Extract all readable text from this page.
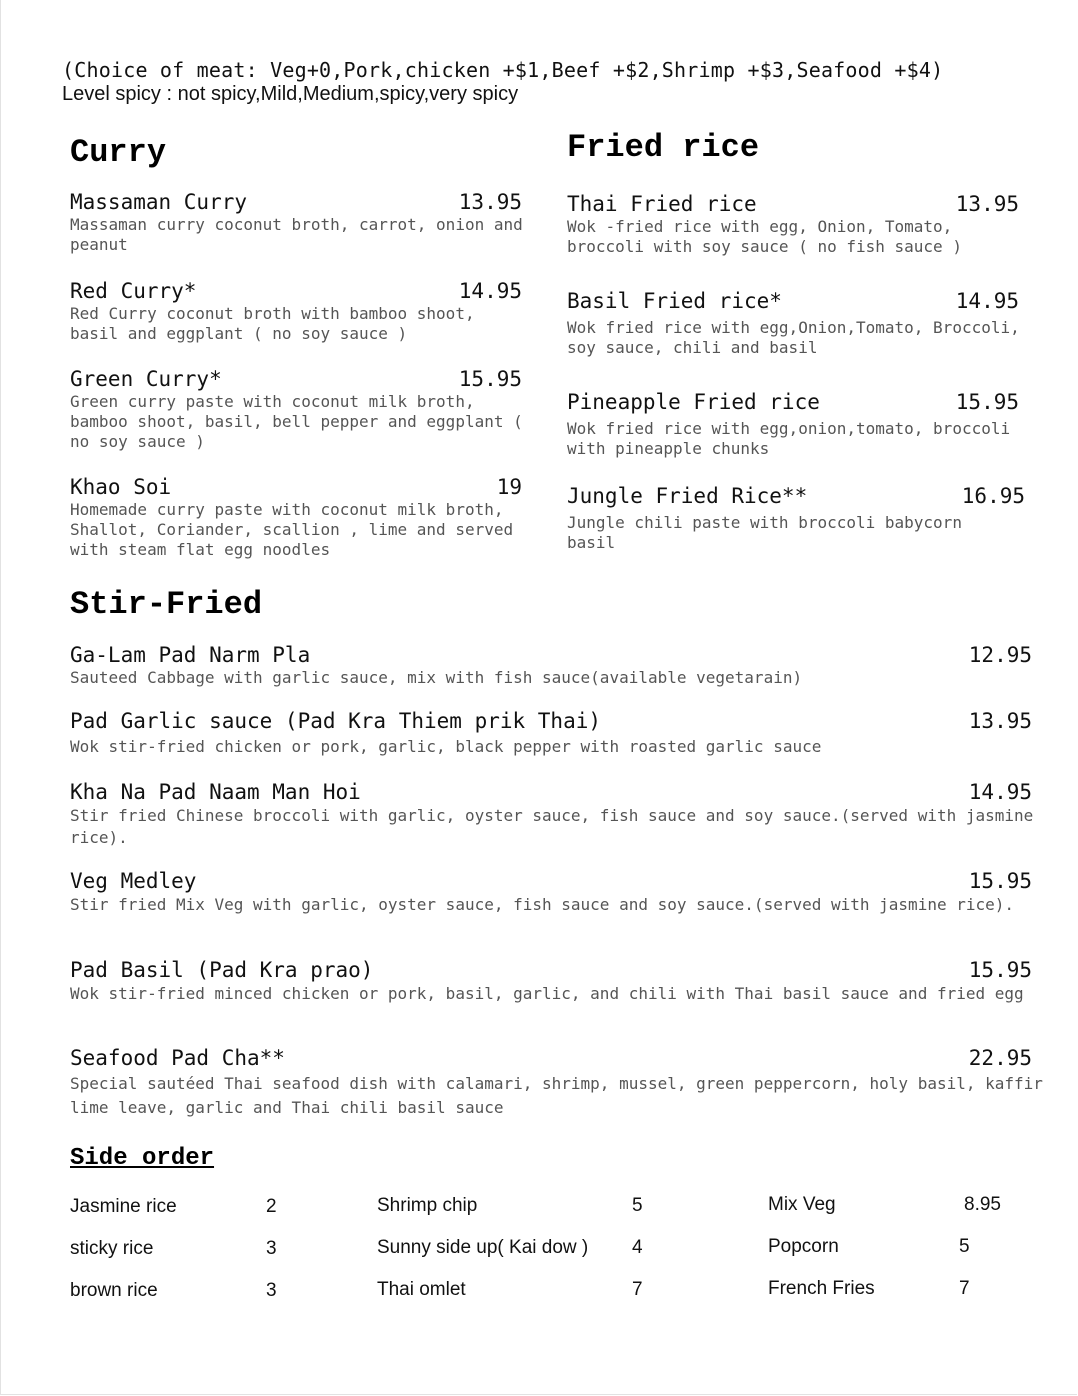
(Choice of meat: Veg+0,Pork,chicken +$1,Beef +$2,Shrimp +$3,Seafood +$4)
Level spicy : not spicy,Mild,Medium,spicy,very spicy
Curry
Massaman Curry	13.95
Massaman curry coconut broth, carrot, onion and peanut
Red Curry*	14.95
Red Curry coconut broth with bamboo shoot, basil and eggplant ( no soy sauce )
Green Curry*	15.95
Green curry paste with coconut milk broth, bamboo shoot, basil, bell pepper and eggplant ( no soy sauce )
Khao Soi	19
Homemade curry paste with coconut milk broth, Shallot, Coriander, scallion , lime and served with steam flat egg noodles
Fried rice
Thai Fried rice	13.95
Wok -fried rice with egg, Onion, Tomato, broccoli with soy sauce ( no fish sauce )
Basil Fried rice*	14.95
Wok fried rice with egg,Onion,Tomato, Broccoli, soy sauce, chili and basil
Pineapple Fried rice	15.95
Wok fried rice with egg,onion,tomato, broccoli with pineapple chunks
Jungle Fried Rice**	16.95
Jungle chili paste with broccoli babycorn basil
Stir-Fried
Ga-Lam Pad Narm Pla	12.95
Sauteed Cabbage with garlic sauce, mix with fish sauce(available vegetarain)
Pad Garlic sauce (Pad Kra Thiem prik Thai)	13.95
Wok stir-fried chicken or pork, garlic, black pepper with roasted garlic sauce
Kha Na Pad Naam Man Hoi	14.95
Stir fried Chinese broccoli with garlic, oyster sauce, fish sauce and soy sauce.(served with jasmine rice).
Veg Medley	15.95
Stir fried Mix Veg with garlic, oyster sauce, fish sauce and soy sauce.(served with jasmine rice).
Pad Basil (Pad Kra prao)	15.95
Wok stir-fried minced chicken or pork, basil, garlic, and chili with Thai basil sauce and fried egg
Seafood Pad Cha**	22.95
Special sautéed Thai seafood dish with calamari, shrimp, mussel, green peppercorn, holy basil, kaffir lime leave, garlic and Thai chili basil sauce
Side order
Jasmine rice	2
sticky rice	3
brown rice	3
Shrimp chip	5
Sunny side up( Kai dow ) 4
Thai omlet	7
Mix Veg	8.95
Popcorn	5
French Fries	7
